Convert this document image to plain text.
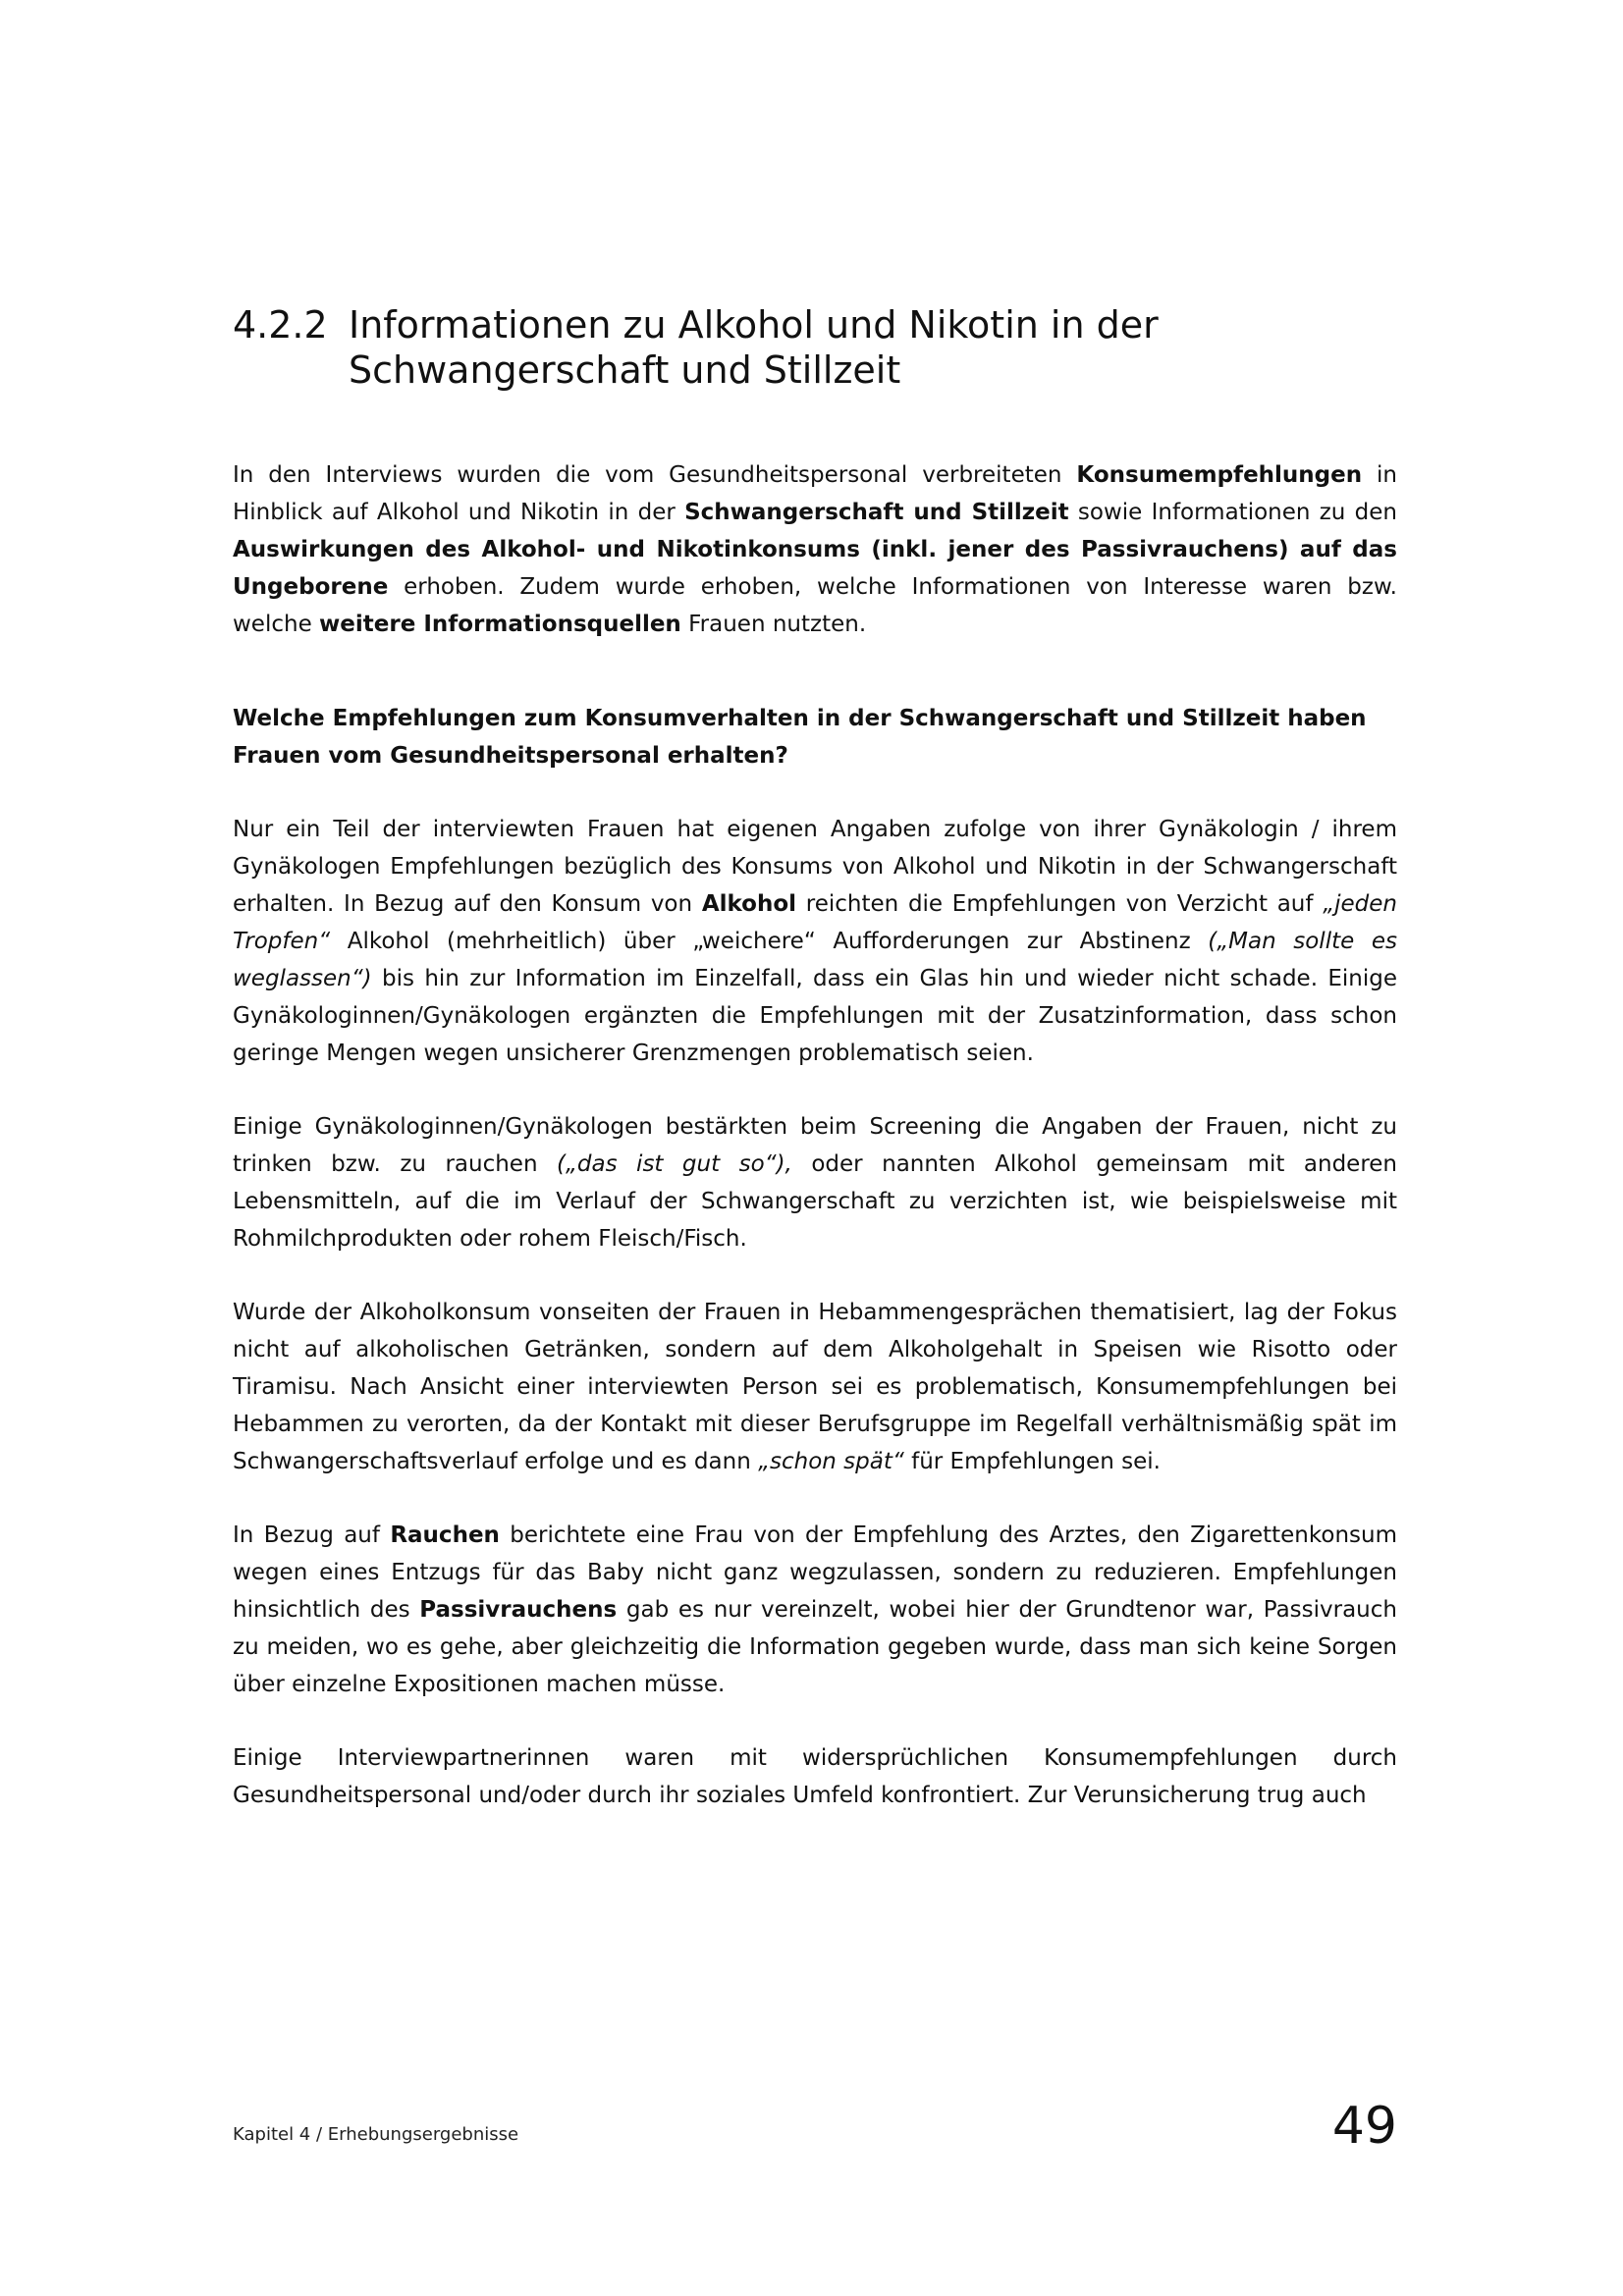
4.2.2 Informationen zu Alkohol und Nikotin in der
Schwangerschaft und Stillzeit

In den Interviews wurden die vom Gesundheitspersonal verbreiteten Konsumempfehlungen in Hinblick auf Alkohol und Nikotin in der Schwangerschaft und Stillzeit sowie Informationen zu den Auswirkungen des Alkohol- und Nikotinkonsums (inkl. jener des Passivrauchens) auf das Ungeborene erhoben. Zudem wurde erhoben, welche Informationen von Interesse waren bzw. welche weitere Informationsquellen Frauen nutzten.

Welche Empfehlungen zum Konsumverhalten in der Schwangerschaft und Stillzeit haben Frauen vom Gesundheitspersonal erhalten?

Nur ein Teil der interviewten Frauen hat eigenen Angaben zufolge von ihrer Gynäkologin / ihrem Gynäkologen Empfehlungen bezüglich des Konsums von Alkohol und Nikotin in der Schwangerschaft erhalten. In Bezug auf den Konsum von Alkohol reichten die Empfehlungen von Verzicht auf „jeden Tropfen“ Alkohol (mehrheitlich) über „weichere“ Aufforderungen zur Abstinenz („Man sollte es weglassen“) bis hin zur Information im Einzelfall, dass ein Glas hin und wieder nicht schade. Einige Gynäkologinnen/Gynäkologen ergänzten die Empfehlungen mit der Zusatzinformation, dass schon geringe Mengen wegen unsicherer Grenzmengen problematisch seien.

Einige Gynäkologinnen/Gynäkologen bestärkten beim Screening die Angaben der Frauen, nicht zu trinken bzw. zu rauchen („das ist gut so“), oder nannten Alkohol gemeinsam mit anderen Lebensmitteln, auf die im Verlauf der Schwangerschaft zu verzichten ist, wie beispielsweise mit Rohmilchprodukten oder rohem Fleisch/Fisch.

Wurde der Alkoholkonsum vonseiten der Frauen in Hebammengesprächen thematisiert, lag der Fokus nicht auf alkoholischen Getränken, sondern auf dem Alkoholgehalt in Speisen wie Risotto oder Tiramisu. Nach Ansicht einer interviewten Person sei es problematisch, Konsumempfehlungen bei Hebammen zu verorten, da der Kontakt mit dieser Berufsgruppe im Regelfall verhältnismäßig spät im Schwangerschaftsverlauf erfolge und es dann „schon spät“ für Empfehlungen sei.

In Bezug auf Rauchen berichtete eine Frau von der Empfehlung des Arztes, den Zigarettenkonsum wegen eines Entzugs für das Baby nicht ganz wegzulassen, sondern zu reduzieren. Empfehlungen hinsichtlich des Passivrauchens gab es nur vereinzelt, wobei hier der Grundtenor war, Passivrauch zu meiden, wo es gehe, aber gleichzeitig die Information gegeben wurde, dass man sich keine Sorgen über einzelne Expositionen machen müsse.

Einige Interviewpartnerinnen waren mit widersprüchlichen Konsumempfehlungen durch Gesundheitspersonal und/oder durch ihr soziales Umfeld konfrontiert. Zur Verunsicherung trug auch

Kapitel 4 / Erhebungsergebnisse	49
